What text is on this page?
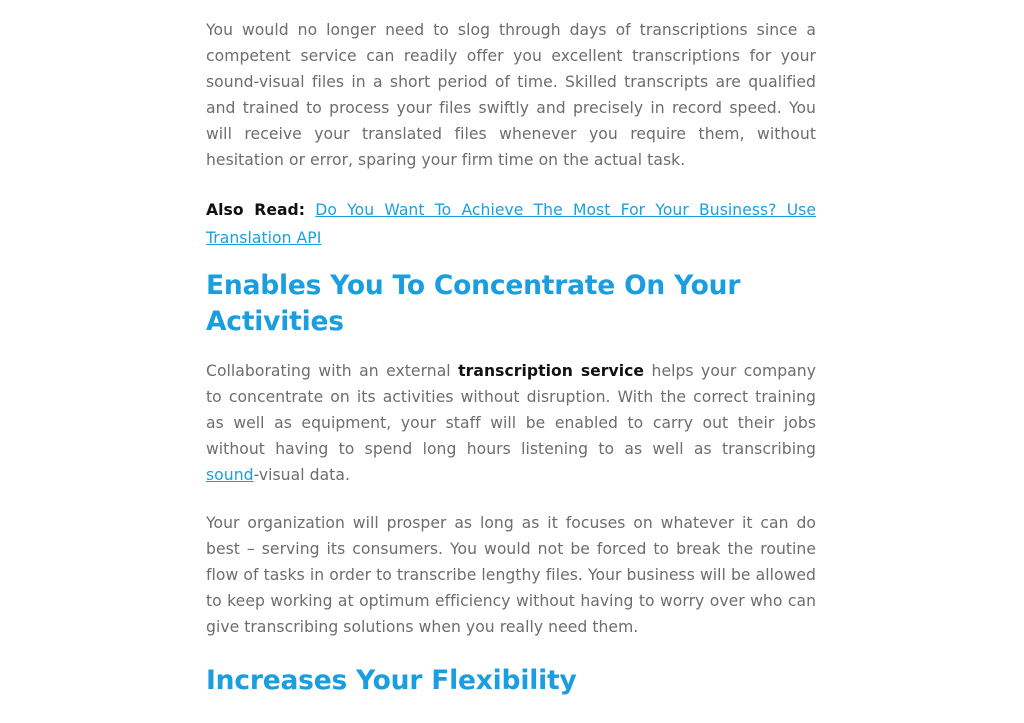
You would no longer need to slog through days of transcriptions since a competent service can readily offer you excellent transcriptions for your sound-visual files in a short period of time. Skilled transcripts are qualified and trained to process your files swiftly and precisely in record speed. You will receive your translated files whenever you require them, without hesitation or error, sparing your firm time on the actual task.

Also Read: Do You Want To Achieve The Most For Your Business? Use Translation API

Enables You To Concentrate On Your Activities

Collaborating with an external transcription service helps your company to concentrate on its activities without disruption. With the correct training as well as equipment, your staff will be enabled to carry out their jobs without having to spend long hours listening to as well as transcribing sound-visual data.

Your organization will prosper as long as it focuses on whatever it can do best – serving its consumers. You would not be forced to break the routine flow of tasks in order to transcribe lengthy files. Your business will be allowed to keep working at optimum efficiency without having to worry over who can give transcribing solutions when you really need them.

Increases Your Flexibility
